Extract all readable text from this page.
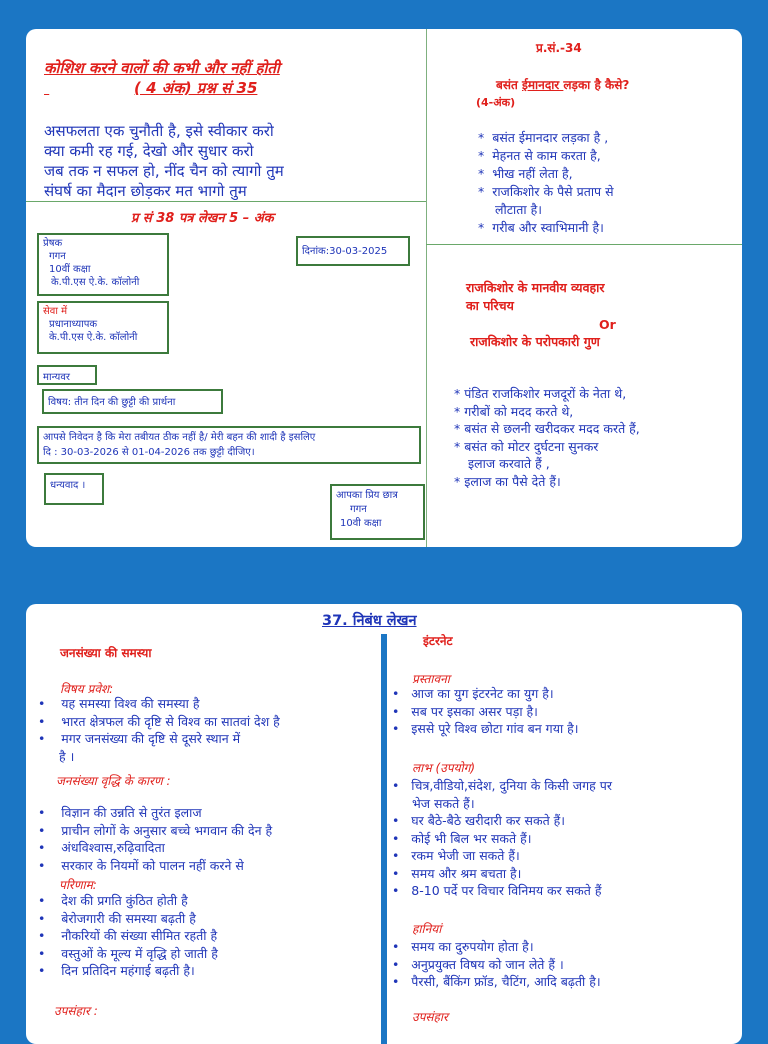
कोशिश करने वालों की कभी और नहीं होती
( 4 अंक) प्रश्न सं 35
असफलता एक चुनौती है, इसे स्वीकार करो
क्या कमी रह गई, देखो और सुधार करो
जब तक न सफल हो, नींद चैन को त्यागो तुम
संघर्ष का मैदान छोड़कर मत भागो तुम
प्र सं 38 पत्र लेखन 5 – अंक
प्रेषक
गगन
10वीं कक्षा
के.पी.एस ऐ.के. कॉलोनी
दिनांक:30-03-2025
सेवा में
प्रधानाध्यापक
के.पी.एस ऐ.के. कॉलोनी
मान्यवर
विषय: तीन दिन की छुट्टी की प्रार्थना
आपसे निवेदन है कि मेरा तबीयत ठीक नहीं है/ मेरी बहन की शादी है इसलिए
दि : 30-03-2026 से 01-04-2026 तक छुट्टी दीजिए।
धन्यवाद ।
आपका प्रिय छात्र
गगन
10वी कक्षा
प्र.सं.-34
बसंत ईमानदार लड़का है कैसे?
(4-अंक)
*  बसंत ईमानदार लड़का है ,
*  मेहनत से काम करता है,
*  भीख नहीं लेता है,
*  राजकिशोर के पैसे प्रताप से
लौटाता है।
*  गरीब और स्वाभिमानी है।
राजकिशोर के मानवीय व्यवहार
का परिचय
Or
राजकिशोर के परोपकारी गुण
* पंडित राजकिशोर मजदूरों के नेता थे,
* गरीबों को मदद करते थे,
* बसंत से छलनी खरीदकर मदद करते हैं,
* बसंत को मोटर दुर्घटना सुनकर
इलाज करवाते हैं ,
* इलाज का पैसे देते हैं।
37. निबंध लेखन
जनसंख्या की समस्या
विषय प्रवेश:
•    यह समस्या विश्व की समस्या है
•    भारत क्षेत्रफल की दृष्टि से विश्व का सातवां देश है
•    मगर जनसंख्या की दृष्टि से दूसरे स्थान में
है ।
जनसंख्या वृद्धि के कारण :
•    विज्ञान की उन्नति से तुरंत इलाज
•    प्राचीन लोगों के अनुसार बच्चे भगवान की देन है
•    अंधविश्वास,रुढ़िवादिता
•    सरकार के नियमों को पालन नहीं करने से
परिणाम:
•    देश की प्रगति कुंठित होती है
•    बेरोजगारी की समस्या बढ़ती है
•    नौकरियों की संख्या सीमित रहती है
•    वस्तुओं के मूल्य में वृद्धि हो जाती है
•    दिन प्रतिदिन महंगाई बढ़ती है।
उपसंहार :
इंटरनेट
प्रस्तावना
•   आज का युग इंटरनेट का युग है।
•   सब पर इसका असर पड़ा है।
•   इससे पूरे विश्व छोटा गांव बन गया है।
लाभ (उपयोग)
•   चित्र,वीडियो,संदेश, दुनिया के किसी जगह पर
भेज सकते हैं।
•   घर बैठे-बैठे खरीदारी कर सकते हैं।
•   कोई भी बिल भर सकते हैं।
•   रकम भेजी जा सकते हैं।
•   समय और श्रम बचता है।
•   8-10 पर्दे पर विचार विनिमय कर सकते हैं
हानियां
•   समय का दुरुपयोग होता है।
•   अनुप्रयुक्त विषय को जान लेते हैं ।
•   पैरसी, बैंकिंग फ्रॉड, चैटिंग, आदि बढ़ती है।
उपसंहार
